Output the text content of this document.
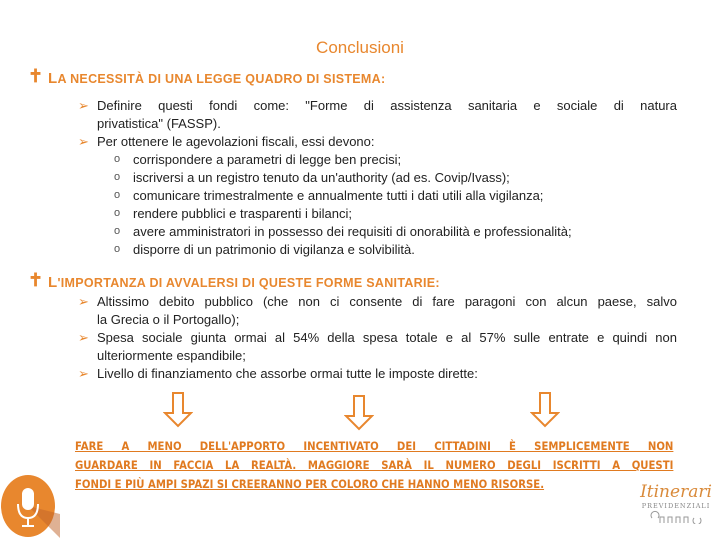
Conclusioni
✝ LA NECESSITÀ DI UNA LEGGE QUADRO DI SISTEMA:
➢ Definire questi fondi come: "Forme di assistenza sanitaria e sociale di natura
privatistica" (FASSP).
➢ Per ottenere le agevolazioni fiscali, essi devono:
o corrispondere a parametri di legge ben precisi;
o iscriversi a un registro tenuto da un'authority (ad es. Covip/Ivass);
o comunicare trimestralmente e annualmente tutti i dati utili alla vigilanza;
o rendere pubblici e trasparenti i bilanci;
o avere amministratori in possesso dei requisiti di onorabilità e professionalità;
o disporre di un patrimonio di vigilanza e solvibilità.
✝ L'IMPORTANZA DI AVVALERSI DI QUESTE FORME SANITARIE:
➢ Altissimo debito pubblico (che non ci consente di fare paragoni con alcun paese, salvo
la Grecia o il Portogallo);
➢ Spesa sociale giunta ormai al 54% della spesa totale e al 57% sulle entrate e quindi non
ulteriormente espandibile;
➢ Livello di finanziamento che assorbe ormai tutte le imposte dirette:
FARE A MENO DELL'APPORTO INCENTIVATO DEI CITTADINI È SEMPLICEMENTE NON
GUARDARE IN FACCIA LA REALTÀ. MAGGIORE SARÀ IL NUMERO DEGLI ISCRITTI A QUESTI
FONDI E PIÙ AMPI SPAZI SI CREERANNO PER COLORO CHE HANNO MENO RISORSE.	Itinerari
PREVIDENZIALI
